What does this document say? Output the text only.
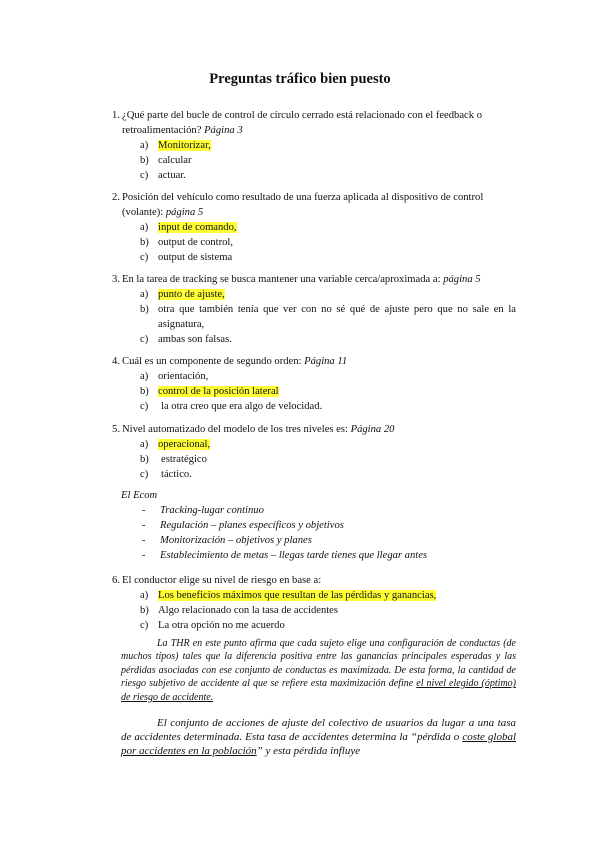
Preguntas tráfico bien puesto
1. ¿Qué parte del bucle de control de círculo cerrado está relacionado con el feedback o retroalimentación? Página 3
a) Monitorizar,
b) calcular
c) actuar.
2. Posición del vehículo como resultado de una fuerza aplicada al dispositivo de control (volante): página 5
a) input de comando,
b) output de control,
c) output de sistema
3. En la tarea de tracking se busca mantener una variable cerca/aproximada a: página 5
a) punto de ajuste,
b) otra que también tenía que ver con no sé qué de ajuste pero que no sale en la asignatura,
c) ambas son falsas.
4. Cuál es un componente de segundo orden: Página 11
a) orientación,
b) control de la posición lateral
c)	la otra creo que era algo de velocidad.
5. Nivel automatizado del modelo de los tres niveles es: Página 20
a) operacional,
b)	estratégico
c)	táctico.
El Ecom
- Tracking-lugar continuo
- Regulación – planes específicos y objetivos
- Monitorización – objetivos y planes
- Establecimiento de metas – llegas tarde tienes que llegar antes
6. El conductor elige su nivel de riesgo en base a:
a) Los beneficios máximos que resultan de las pérdidas y ganancias,
b) Algo relacionado con la tasa de accidentes
c) La otra opción no me acuerdo
La THR en este punto afirma que cada sujeto elige una configuración de conductas (de muchos tipos) tales que la diferencia positiva entre las ganancias principales esperadas y las pérdidas asociadas con ese conjunto de conductas es maximizada. De esta forma, la cantidad de riesgo subjetivo de accidente al que se refiere esta maximización define el nivel elegido (óptimo) de riesgo de accidente.
El conjunto de acciones de ajuste del colectivo de usuarios da lugar a una tasa de accidentes determinada. Esta tasa de accidentes determina la “pérdida o coste global por accidentes en la población” y esta pérdida influye
